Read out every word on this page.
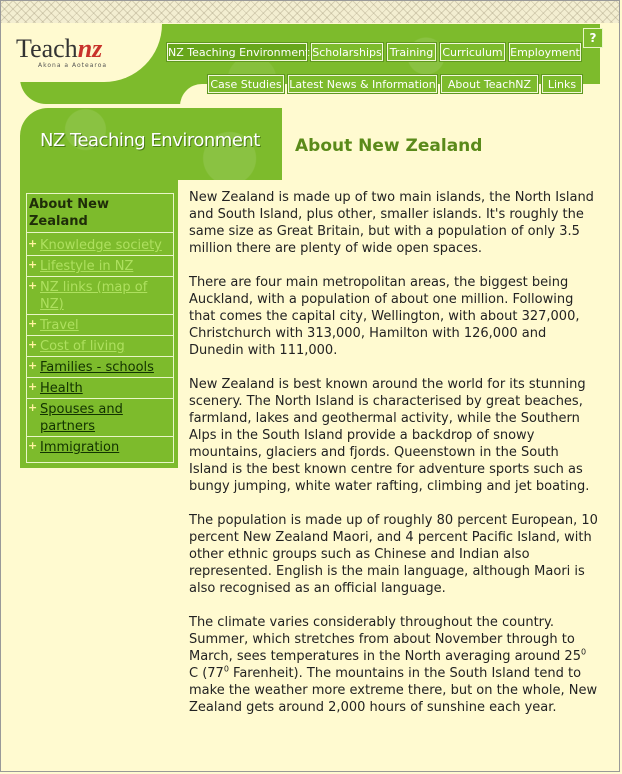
Teachnz
Akona a Aotearoa
?
NZ Teaching Environment Scholarships Training Curriculum Employment
Case Studies Latest News & Information	About TeachNZ	Links
NZ Teaching Environment About New Zealand
About New Zealand
+ Knowledge society
+ Lifestyle in NZ
+ NZ links (map of NZ)
+ Travel
+ Cost of living
+ Families - schools
+ Health
+ Spouses and partners
+ Immigration

New Zealand is made up of two main islands, the North Island and South Island, plus other, smaller islands. It's roughly the same size as Great Britain, but with a population of only 3.5 million there are plenty of wide open spaces.

There are four main metropolitan areas, the biggest being Auckland, with a population of about one million. Following that comes the capital city, Wellington, with about 327,000, Christchurch with 313,000, Hamilton with 126,000 and Dunedin with 111,000.

New Zealand is best known around the world for its stunning scenery. The North Island is characterised by great beaches, farmland, lakes and geothermal activity, while the Southern Alps in the South Island provide a backdrop of snowy mountains, glaciers and fjords. Queenstown in the South Island is the best known centre for adventure sports such as bungy jumping, white water rafting, climbing and jet boating.

The population is made up of roughly 80 percent European, 10 percent New Zealand Maori, and 4 percent Pacific Island, with other ethnic groups such as Chinese and Indian also represented. English is the main language, although Maori is also recognised as an official language.

The climate varies considerably throughout the country. Summer, which stretches from about November through to March, sees temperatures in the North averaging around $25^0$ C ($77^0$ Farenheit). The mountains in the South Island tend to make the weather more extreme there, but on the whole, New Zealand gets around 2,000 hours of sunshine each year.
